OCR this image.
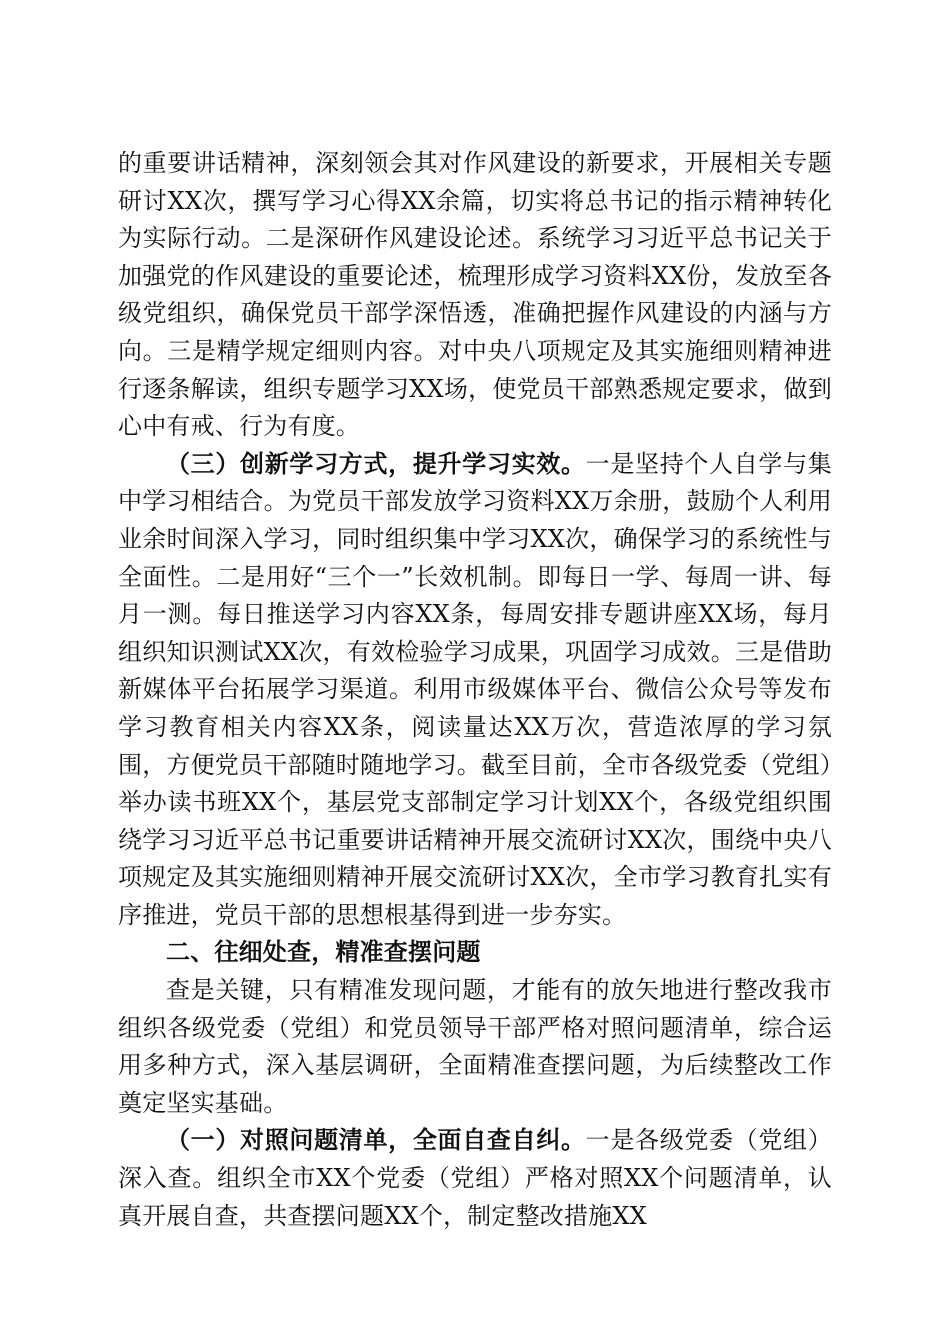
的重要讲话精神，深刻领会其对作风建设的新要求，开展相关专题研讨XX次，撰写学习心得XX余篇，切实将总书记的指示精神转化为实际行动。二是深研作风建设论述。系统学习习近平总书记关于加强党的作风建设的重要论述，梳理形成学习资料XX份，发放至各级党组织，确保党员干部学深悟透，准确把握作风建设的内涵与方向。三是精学规定细则内容。对中央八项规定及其实施细则精神进行逐条解读，组织专题学习XX场，使党员干部熟悉规定要求，做到心中有戒、行为有度。

（三）创新学习方式，提升学习实效。一是坚持个人自学与集中学习相结合。为党员干部发放学习资料XX万余册，鼓励个人利用业余时间深入学习，同时组织集中学习XX次，确保学习的系统性与全面性。二是用好“三个一”长效机制。即每日一学、每周一讲、每月一测。每日推送学习内容XX条，每周安排专题讲座XX场，每月组织知识测试XX次，有效检验学习成果，巩固学习成效。三是借助新媒体平台拓展学习渠道。利用市级媒体平台、微信公众号等发布学习教育相关内容XX条，阅读量达XX万次，营造浓厚的学习氛围，方便党员干部随时随地学习。截至目前，全市各级党委（党组）举办读书班XX个，基层党支部制定学习计划XX个，各级党组织围绕学习习近平总书记重要讲话精神开展交流研讨XX次，围绕中央八项规定及其实施细则精神开展交流研讨XX次，全市学习教育扎实有序推进，党员干部的思想根基得到进一步夯实。

二、往细处查，精准查摆问题

查是关键，只有精准发现问题，才能有的放矢地进行整改我市组织各级党委（党组）和党员领导干部严格对照问题清单，综合运用多种方式，深入基层调研，全面精准查摆问题，为后续整改工作奠定坚实基础。

（一）对照问题清单，全面自查自纠。一是各级党委（党组）深入查。组织全市XX个党委（党组）严格对照XX个问题清单，认真开展自查，共查摆问题XX个，制定整改措施XX
